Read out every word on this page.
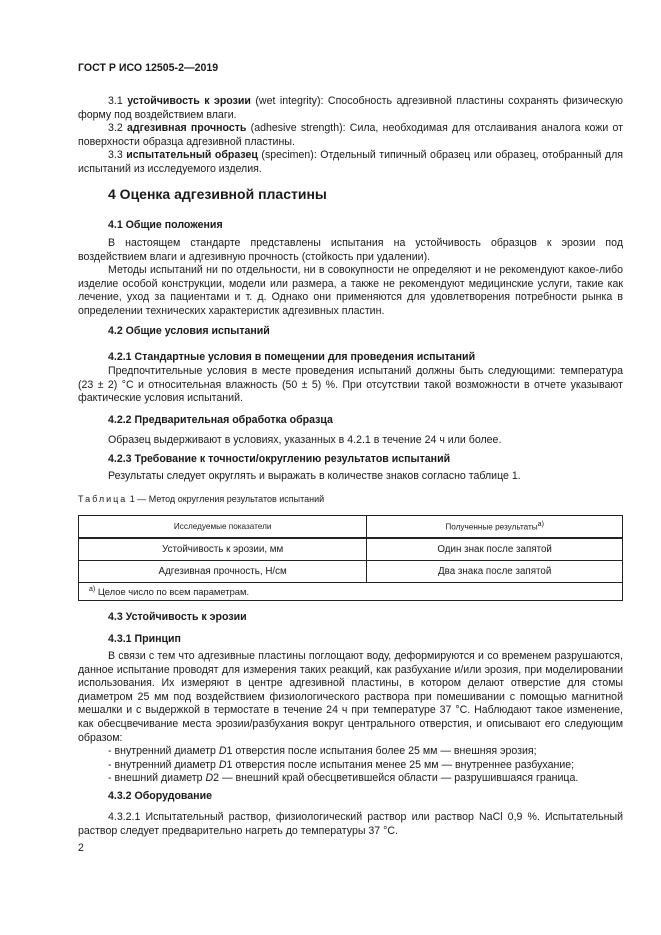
ГОСТ Р ИСО 12505-2—2019
3.1 устойчивость к эрозии (wet integrity): Способность адгезивной пластины сохранять физическую форму под воздействием влаги.
3.2 адгезивная прочность (adhesive strength): Сила, необходимая для отслаивания аналога кожи от поверхности образца адгезивной пластины.
3.3 испытательный образец (specimen): Отдельный типичный образец или образец, отобранный для испытаний из исследуемого изделия.
4 Оценка адгезивной пластины
4.1 Общие положения
В настоящем стандарте представлены испытания на устойчивость образцов к эрозии под воздействием влаги и адгезивную прочность (стойкость при удалении).
Методы испытаний ни по отдельности, ни в совокупности не определяют и не рекомендуют какое-либо изделие особой конструкции, модели или размера, а также не рекомендуют медицинские услуги, такие как лечение, уход за пациентами и т. д. Однако они применяются для удовлетворения потребности рынка в определении технических характеристик адгезивных пластин.
4.2 Общие условия испытаний
4.2.1 Стандартные условия в помещении для проведения испытаний
Предпочтительные условия в месте проведения испытаний должны быть следующими: температура (23 ± 2) °С и относительная влажность (50 ± 5) %. При отсутствии такой возможности в отчете указывают фактические условия испытаний.
4.2.2 Предварительная обработка образца
Образец выдерживают в условиях, указанных в 4.2.1 в течение 24 ч или более.
4.2.3 Требование к точности/округлению результатов испытаний
Результаты следует округлять и выражать в количестве знаков согласно таблице 1.
Таблица 1 — Метод округления результатов испытаний
Исследуемые показатели	Полученные результаты$^{а)}$
Устойчивость к эрозии, мм	Один знак после запятой
Адгезивная прочность, Н/см	Два знака после запятой
$^{а)}$ Целое число по всем параметрам.	
4.3 Устойчивость к эрозии
4.3.1 Принцип
В связи с тем что адгезивные пластины поглощают воду, деформируются и со временем разрушаются, данное испытание проводят для измерения таких реакций, как разбухание и/или эрозия, при моделировании использования. Их измеряют в центре адгезивной пластины, в котором делают отверстие для стомы диаметром 25 мм под воздействием физиологического раствора при помешивании с помощью магнитной мешалки и с выдержкой в термостате в течение 24 ч при температуре 37 °С. Наблюдают такое изменение, как обесцвечивание места эрозии/разбухания вокруг центрального отверстия, и описывают его следующим образом:
- внутренний диаметр D1 отверстия после испытания более 25 мм — внешняя эрозия;
- внутренний диаметр D1 отверстия после испытания менее 25 мм — внутреннее разбухание;
- внешний диаметр D2 — внешний край обесцветившейся области — разрушившаяся граница.
4.3.2 Оборудование
4.3.2.1 Испытательный раствор, физиологический раствор или раствор NaCl 0,9 %. Испытательный раствор следует предварительно нагреть до температуры 37 °С.
2
